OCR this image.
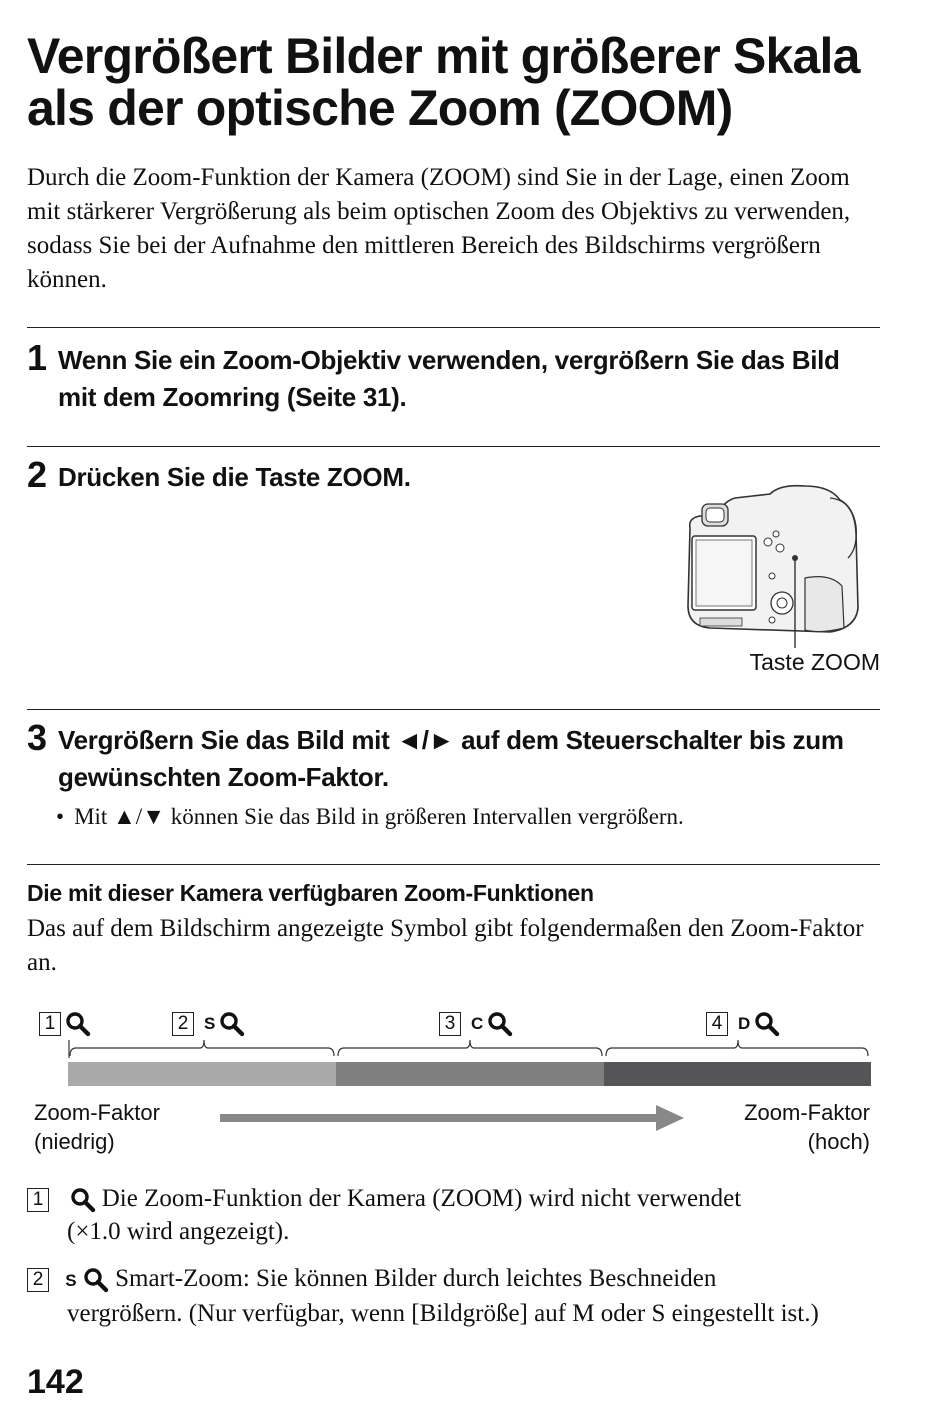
Vergrößert Bilder mit größerer Skala
als der optische Zoom (ZOOM)
Durch die Zoom-Funktion der Kamera (ZOOM) sind Sie in der Lage, einen Zoom mit stärkerer Vergrößerung als beim optischen Zoom des Objektivs zu verwenden, sodass Sie bei der Aufnahme den mittleren Bereich des Bildschirms vergrößern können.
1 Wenn Sie ein Zoom-Objektiv verwenden, vergrößern Sie das Bild mit dem Zoomring (Seite 31).
2 Drücken Sie die Taste ZOOM.
Taste ZOOM
3 Vergrößern Sie das Bild mit ◄/► auf dem Steuerschalter bis zum gewünschten Zoom-Faktor.
• Mit ▲/▼ können Sie das Bild in größeren Intervallen vergrößern.
Die mit dieser Kamera verfügbaren Zoom-Funktionen
Das auf dem Bildschirm angezeigte Symbol gibt folgendermaßen den Zoom-Faktor an.
1	2 S	3 C	4 D
Zoom-Faktor
(niedrig)
Zoom-Faktor
(hoch)
1 Die Zoom-Funktion der Kamera (ZOOM) wird nicht verwendet
(×1.0 wird angezeigt).
2 S Smart-Zoom: Sie können Bilder durch leichtes Beschneiden
vergrößern. (Nur verfügbar, wenn [Bildgröße] auf M oder S eingestellt ist.)
142
